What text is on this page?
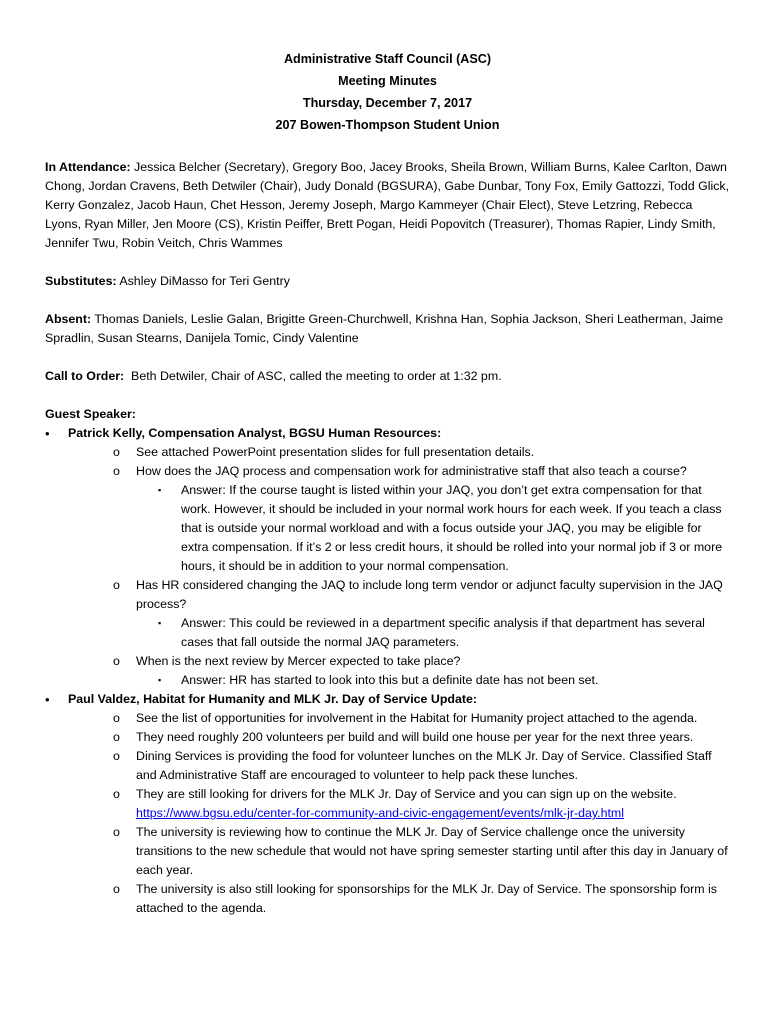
Administrative Staff Council (ASC)
Meeting Minutes
Thursday, December 7, 2017
207 Bowen-Thompson Student Union
In Attendance: Jessica Belcher (Secretary), Gregory Boo, Jacey Brooks, Sheila Brown, William Burns, Kalee Carlton, Dawn Chong, Jordan Cravens, Beth Detwiler (Chair), Judy Donald (BGSURA), Gabe Dunbar, Tony Fox, Emily Gattozzi, Todd Glick, Kerry Gonzalez, Jacob Haun, Chet Hesson, Jeremy Joseph, Margo Kammeyer (Chair Elect), Steve Letzring, Rebecca Lyons, Ryan Miller, Jen Moore (CS), Kristin Peiffer, Brett Pogan, Heidi Popovitch (Treasurer), Thomas Rapier, Lindy Smith, Jennifer Twu, Robin Veitch, Chris Wammes
Substitutes: Ashley DiMasso for Teri Gentry
Absent: Thomas Daniels, Leslie Galan, Brigitte Green-Churchwell, Krishna Han, Sophia Jackson, Sheri Leatherman, Jaime Spradlin, Susan Stearns, Danijela Tomic, Cindy Valentine
Call to Order:  Beth Detwiler, Chair of ASC, called the meeting to order at 1:32 pm.
Guest Speaker:
• Patrick Kelly, Compensation Analyst, BGSU Human Resources:
o See attached PowerPoint presentation slides for full presentation details.
o How does the JAQ process and compensation work for administrative staff that also teach a course?
▪ Answer: If the course taught is listed within your JAQ, you don’t get extra compensation for that work. However, it should be included in your normal work hours for each week. If you teach a class that is outside your normal workload and with a focus outside your JAQ, you may be eligible for extra compensation. If it’s 2 or less credit hours, it should be rolled into your normal job if 3 or more hours, it should be in addition to your normal compensation.
o Has HR considered changing the JAQ to include long term vendor or adjunct faculty supervision in the JAQ process?
▪ Answer: This could be reviewed in a department specific analysis if that department has several cases that fall outside the normal JAQ parameters.
o When is the next review by Mercer expected to take place?
▪ Answer: HR has started to look into this but a definite date has not been set.
• Paul Valdez, Habitat for Humanity and MLK Jr. Day of Service Update:
o See the list of opportunities for involvement in the Habitat for Humanity project attached to the agenda.
o They need roughly 200 volunteers per build and will build one house per year for the next three years.
o Dining Services is providing the food for volunteer lunches on the MLK Jr. Day of Service. Classified Staff and Administrative Staff are encouraged to volunteer to help pack these lunches.
o They are still looking for drivers for the MLK Jr. Day of Service and you can sign up on the website.
https://www.bgsu.edu/center-for-community-and-civic-engagement/events/mlk-jr-day.html
o The university is reviewing how to continue the MLK Jr. Day of Service challenge once the university transitions to the new schedule that would not have spring semester starting until after this day in January of each year.
o The university is also still looking for sponsorships for the MLK Jr. Day of Service. The sponsorship form is attached to the agenda.
